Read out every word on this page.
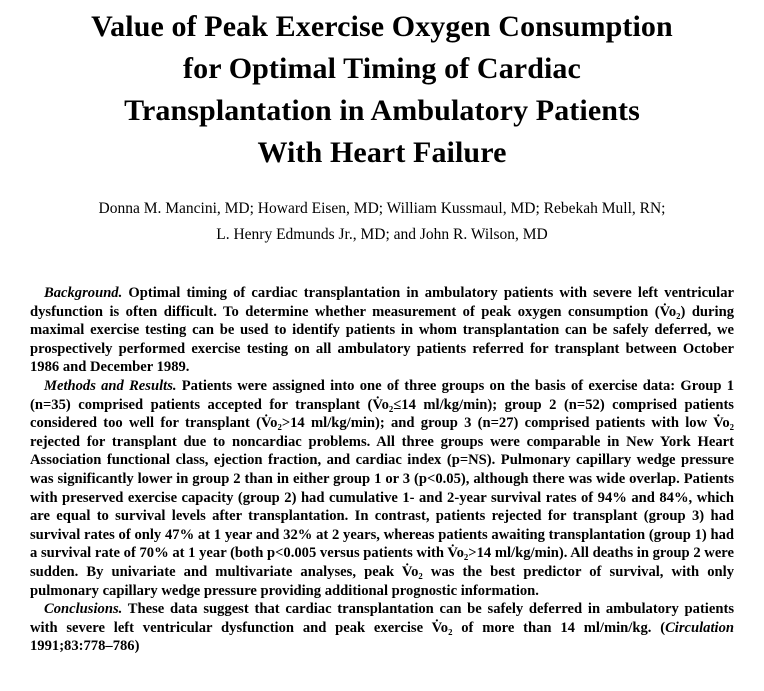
Value of Peak Exercise Oxygen Consumption
for Optimal Timing of Cardiac
Transplantation in Ambulatory Patients
With Heart Failure
Donna M. Mancini, MD; Howard Eisen, MD; William Kussmaul, MD; Rebekah Mull, RN;
L. Henry Edmunds Jr., MD; and John R. Wilson, MD

Background. Optimal timing of cardiac transplantation in ambulatory patients with severe left ventricular dysfunction is often difficult. To determine whether measurement of peak oxygen consumption (V̇o₂) during maximal exercise testing can be used to identify patients in whom transplantation can be safely deferred, we prospectively performed exercise testing on all ambulatory patients referred for transplant between October 1986 and December 1989.

Methods and Results. Patients were assigned into one of three groups on the basis of exercise data: Group 1 (n=35) comprised patients accepted for transplant (V̇o₂≤14 ml/kg/min); group 2 (n=52) comprised patients considered too well for transplant (V̇o₂>14 ml/kg/min); and group 3 (n=27) comprised patients with low V̇o₂ rejected for transplant due to noncardiac problems. All three groups were comparable in New York Heart Association functional class, ejection fraction, and cardiac index (p=NS). Pulmonary capillary wedge pressure was significantly lower in group 2 than in either group 1 or 3 (p<0.05), although there was wide overlap. Patients with preserved exercise capacity (group 2) had cumulative 1- and 2-year survival rates of 94% and 84%, which are equal to survival levels after transplantation. In contrast, patients rejected for transplant (group 3) had survival rates of only 47% at 1 year and 32% at 2 years, whereas patients awaiting transplantation (group 1) had a survival rate of 70% at 1 year (both p<0.005 versus patients with V̇o₂>14 ml/kg/min). All deaths in group 2 were sudden. By univariate and multivariate analyses, peak V̇o₂ was the best predictor of survival, with only pulmonary capillary wedge pressure providing additional prognostic information.

Conclusions. These data suggest that cardiac transplantation can be safely deferred in ambulatory patients with severe left ventricular dysfunction and peak exercise V̇o₂ of more than 14 ml/min/kg. (Circulation 1991;83:778–786)
